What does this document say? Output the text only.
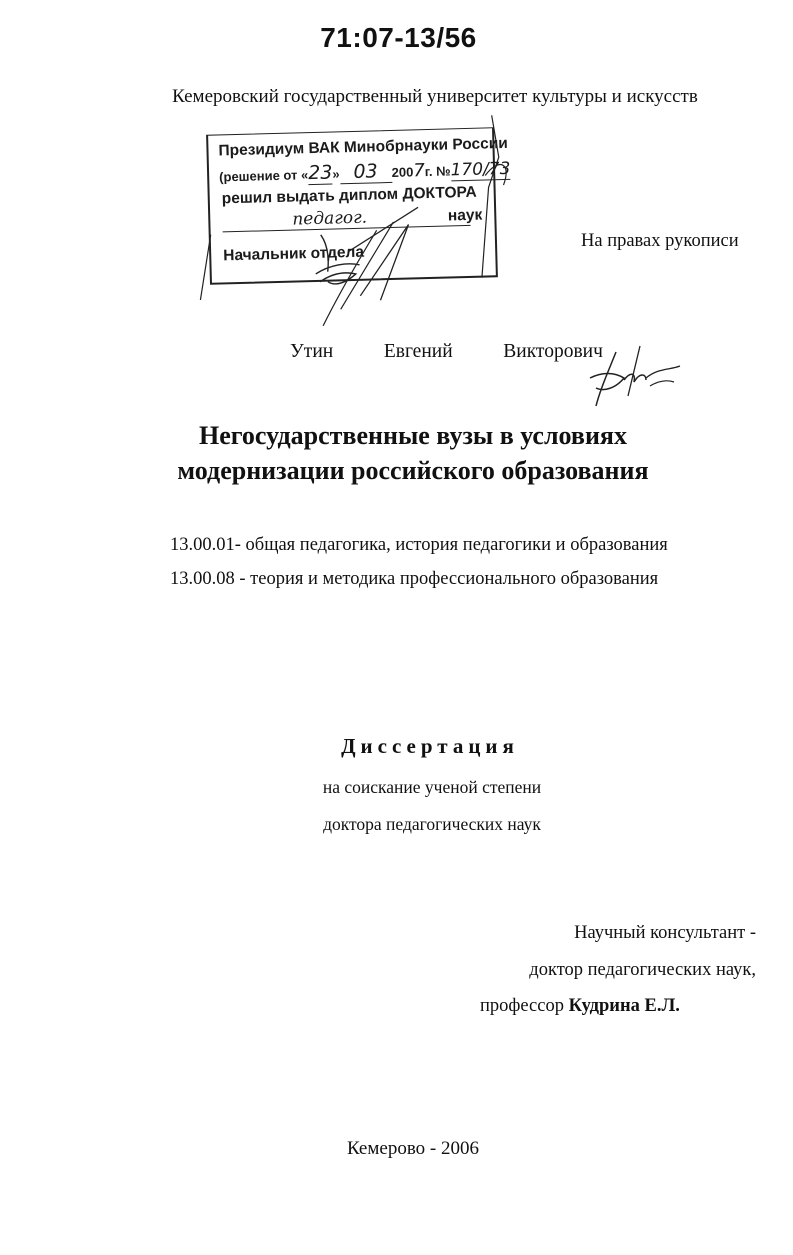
71:07-13/56
Кемеровский государственный университет культуры и искусств
Президиум ВАК Минобрнауки России
(решение от «23» 03 2007г. №170/73
решил выдать диплом ДОКТОРА
педагог.	наук
Начальник отдела
На правах рукописи
Утин   Евгений   Викторович
Негосударственные вузы в условиях
модернизации российского образования
13.00.01- общая педагогика, история педагогики и образования
13.00.08 - теория и методика профессионального образования
Диссертация
на соискание ученой степени
доктора педагогических наук
Научный консультант -
доктор педагогических наук,
профессор Кудрина Е.Л.
Кемерово - 2006
